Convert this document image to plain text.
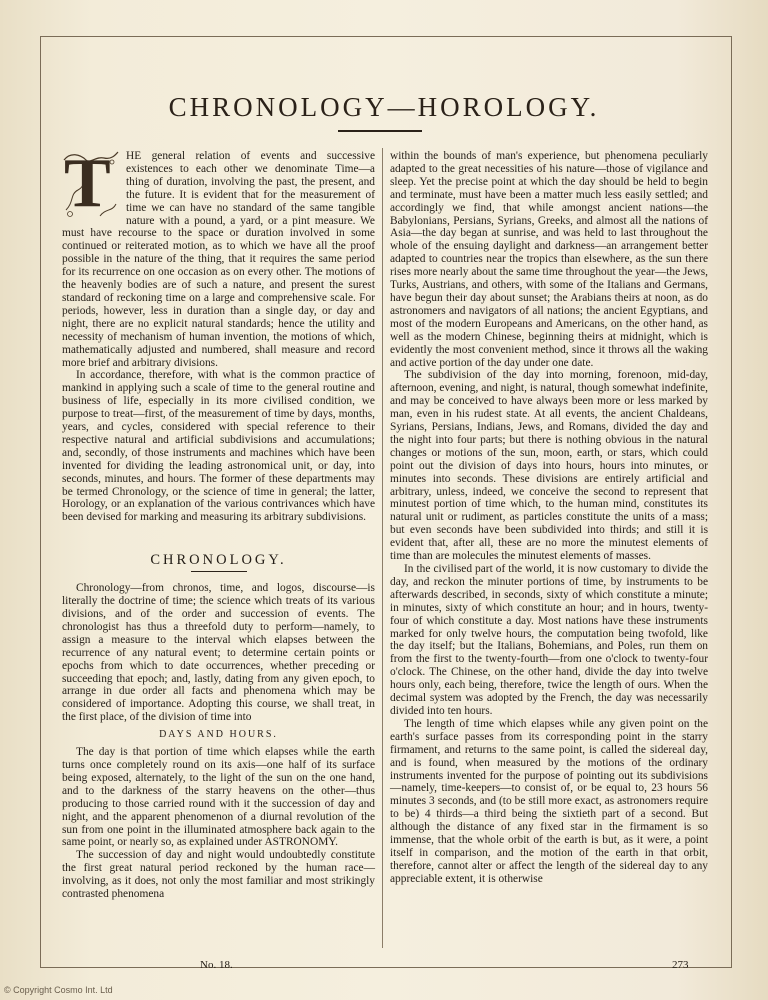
CHRONOLOGY—HOROLOGY.
T	HE general relation of events and successive existences to each other we denominate Time—a thing of duration, involving the past, the present, and the future. It is evident that for the measurement of time we can have no standard of the same tangible nature with a pound, a yard, or a pint measure. We must have recourse to the space or duration involved in some continued or reiterated motion, as to which we have all the proof possible in the nature of the thing, that it requires the same period for its recurrence on one occasion as on every other. The motions of the heavenly bodies are of such a nature, and present the surest standard of reckoning time on a large and comprehensive scale. For periods, however, less in duration than a single day, or day and night, there are no explicit natural standards; hence the utility and necessity of mechanism of human invention, the motions of which, mathematically adjusted and numbered, shall measure and record more brief and arbitrary divisions.

In accordance, therefore, with what is the common practice of mankind in applying such a scale of time to the general routine and business of life, especially in its more civilised condition, we purpose to treat—first, of the measurement of time by days, months, years, and cycles, considered with special reference to their respective natural and artificial subdivisions and accumulations; and, secondly, of those instruments and machines which have been invented for dividing the leading astronomical unit, or day, into seconds, minutes, and hours. The former of these departments may be termed Chronology, or the science of time in general; the latter, Horology, or an explanation of the various contrivances which have been devised for marking and measuring its arbitrary subdivisions.

CHRONOLOGY.

Chronology—from chronos, time, and logos, discourse—is literally the doctrine of time; the science which treats of its various divisions, and of the order and succession of events. The chronologist has thus a threefold duty to perform—namely, to assign a measure to the interval which elapses between the recurrence of any natural event; to determine certain points or epochs from which to date occurrences, whether preceding or succeeding that epoch; and, lastly, dating from any given epoch, to arrange in due order all facts and phenomena which may be considered of importance. Adopting this course, we shall treat, in the first place, of the division of time into

DAYS AND HOURS.

The day is that portion of time which elapses while the earth turns once completely round on its axis—one half of its surface being exposed, alternately, to the light of the sun on the one hand, and to the darkness of the starry heavens on the other—thus producing to those carried round with it the succession of day and night, and the apparent phenomenon of a diurnal revolution of the sun from one point in the illuminated atmosphere back again to the same point, or nearly so, as explained under ASTRONOMY.

The succession of day and night would undoubtedly constitute the first great natural period reckoned by the human race—involving, as it does, not only the most familiar and most strikingly contrasted phenomena

within the bounds of man's experience, but phenomena peculiarly adapted to the great necessities of his nature—those of vigilance and sleep. Yet the precise point at which the day should be held to begin and terminate, must have been a matter much less easily settled; and accordingly we find, that while amongst ancient nations—the Babylonians, Persians, Syrians, Greeks, and almost all the nations of Asia—the day began at sunrise, and was held to last throughout the whole of the ensuing daylight and darkness—an arrangement better adapted to countries near the tropics than elsewhere, as the sun there rises more nearly about the same time throughout the year—the Jews, Turks, Austrians, and others, with some of the Italians and Germans, have begun their day about sunset; the Arabians theirs at noon, as do astronomers and navigators of all nations; the ancient Egyptians, and most of the modern Europeans and Americans, on the other hand, as well as the modern Chinese, beginning theirs at midnight, which is evidently the most convenient method, since it throws all the waking and active portion of the day under one date.

The subdivision of the day into morning, forenoon, mid-day, afternoon, evening, and night, is natural, though somewhat indefinite, and may be conceived to have always been more or less marked by man, even in his rudest state. At all events, the ancient Chaldeans, Syrians, Persians, Indians, Jews, and Romans, divided the day and the night into four parts; but there is nothing obvious in the natural changes or motions of the sun, moon, earth, or stars, which could point out the division of days into hours, hours into minutes, or minutes into seconds. These divisions are entirely artificial and arbitrary, unless, indeed, we conceive the second to represent that minutest portion of time which, to the human mind, constitutes its natural unit or rudiment, as particles constitute the units of a mass; but even seconds have been subdivided into thirds; and still it is evident that, after all, these are no more the minutest elements of time than are molecules the minutest elements of masses.

In the civilised part of the world, it is now customary to divide the day, and reckon the minuter portions of time, by instruments to be afterwards described, in seconds, sixty of which constitute a minute; in minutes, sixty of which constitute an hour; and in hours, twenty-four of which constitute a day. Most nations have these instruments marked for only twelve hours, the computation being twofold, like the day itself; but the Italians, Bohemians, and Poles, run them on from the first to the twenty-fourth—from one o'clock to twenty-four o'clock. The Chinese, on the other hand, divide the day into twelve hours only, each being, therefore, twice the length of ours. When the decimal system was adopted by the French, the day was necessarily divided into ten hours.

The length of time which elapses while any given point on the earth's surface passes from its corresponding point in the starry firmament, and returns to the same point, is called the sidereal day, and is found, when measured by the motions of the ordinary instruments invented for the purpose of pointing out its subdivisions—namely, time-keepers—to consist of, or be equal to, 23 hours 56 minutes 3 seconds, and (to be still more exact, as astronomers require to be) 4 thirds—a third being the sixtieth part of a second. But although the distance of any fixed star in the firmament is so immense, that the whole orbit of the earth is but, as it were, a point itself in comparison, and the motion of the earth in that orbit, therefore, cannot alter or affect the length of the sidereal day to any appreciable extent, it is otherwise

No. 18.	273
© Copyright Cosmo Int. Ltd
